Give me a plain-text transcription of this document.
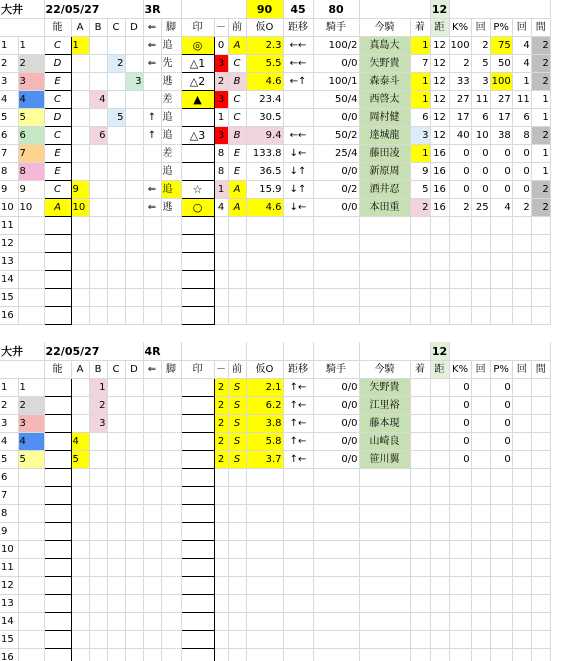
大井		22/05/27					3R					90	45	80			12					
		能	A	B	C	D	⇐	脚	印	－	前	仮O	距移	騎手	今騎	着	距	K%	回	P%	回	間
1	1	C	1				⇐	追	◎	0	A	2.3	←←	100/2	真島大	1	12	100	2	75	4	2
2	2	D			2		⇐	先	△1	3	C	5.5	←←	0/0	矢野貴	7	12	2	5	50	4	2
3	3	E				3		逃	△2	2	B	4.6	←↑	100/1	森泰斗	1	12	33	3	100	1	2
4	4	C		4				差	▲	3	C	23.4		50/4	西啓太	1	12	27	11	27	11	1
5	5	D			5		↑	追		1	C	30.5		0/0	岡村健	6	12	17	6	17	6	1
6	6	C		6			↑	追	△3	3	B	9.4	←←	50/2	達城龍	3	12	40	10	38	8	2
7	7	E						差		8	E	133.8	↓←	25/4	藤田凌	1	16	0	0	0	0	1
8	8	E						追		8	E	36.5	↓↑	0/0	新原周	9	16	0	0	0	0	1
9	9	C	9				⇐	追	☆	1	A	15.9	↓↑	0/2	酒井忍	5	16	0	0	0	0	2
10	10	A	10				⇐	逃	○	4	A	4.6	↓←	0/0	本田重	2	16	2	25	4	2	2
11																						
12																						
13																						
14																						
15																						
16																						

大井		22/05/27					4R										12					
		能	A	B	C	D	⇐	脚	印	－	前	仮O	距移	騎手	今騎	着	距	K%	回	P%	回	間
1	1			1						2	S	2.1	↑←	0/0	矢野貴			0		0		
2	2			2						2	S	6.2	↑←	0/0	江里裕			0		0		
3	3			3						2	S	3.8	↑←	0/0	藤本現			0		0		
4	4		4							2	S	5.8	↑←	0/0	山崎良			0		0		
5	5		5							2	S	3.7	↑←	0/0	笹川翼			0		0		
6																						
7																						
8																						
9																						
10																						
11																						
12																						
13																						
14																						
15																						
16																						
